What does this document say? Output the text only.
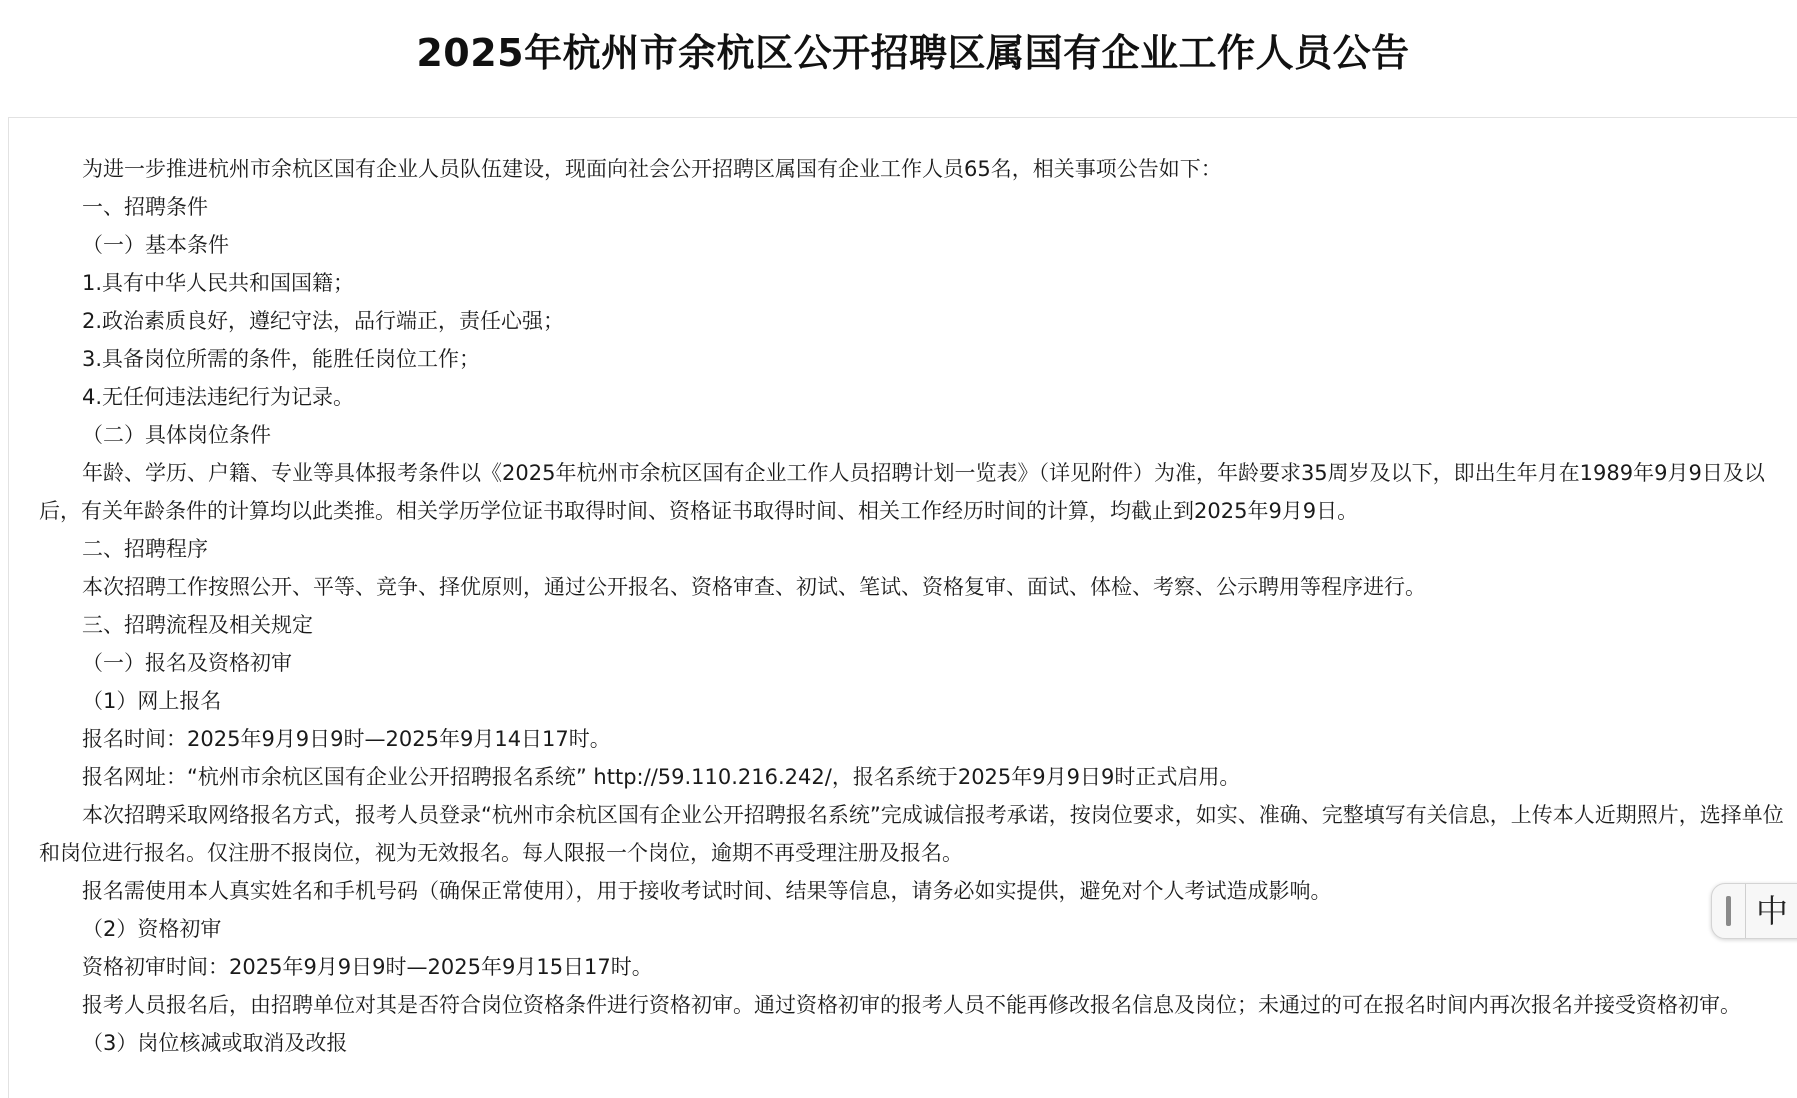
2025年杭州市余杭区公开招聘区属国有企业工作人员公告

为进一步推进杭州市余杭区国有企业人员队伍建设，现面向社会公开招聘区属国有企业工作人员65名，相关事项公告如下：

一、招聘条件

（一）基本条件

1.具有中华人民共和国国籍；

2.政治素质良好，遵纪守法，品行端正，责任心强；

3.具备岗位所需的条件，能胜任岗位工作；

4.无任何违法违纪行为记录。

（二）具体岗位条件

年龄、学历、户籍、专业等具体报考条件以《2025年杭州市余杭区国有企业工作人员招聘计划一览表》（详见附件）为准，年龄要求35周岁及以下，即出生年月在1989年9月9日及以后，有关年龄条件的计算均以此类推。相关学历学位证书取得时间、资格证书取得时间、相关工作经历时间的计算，均截止到2025年9月9日。

二、招聘程序

本次招聘工作按照公开、平等、竞争、择优原则，通过公开报名、资格审查、初试、笔试、资格复审、面试、体检、考察、公示聘用等程序进行。

三、招聘流程及相关规定

（一）报名及资格初审

（1）网上报名

报名时间：2025年9月9日9时—2025年9月14日17时。

报名网址：“杭州市余杭区国有企业公开招聘报名系统” http://59.110.216.242/，报名系统于2025年9月9日9时正式启用。

本次招聘采取网络报名方式，报考人员登录“杭州市余杭区国有企业公开招聘报名系统”完成诚信报考承诺，按岗位要求，如实、准确、完整填写有关信息，上传本人近期照片，选择单位和岗位进行报名。仅注册不报岗位，视为无效报名。每人限报一个岗位，逾期不再受理注册及报名。

报名需使用本人真实姓名和手机号码（确保正常使用），用于接收考试时间、结果等信息，请务必如实提供，避免对个人考试造成影响。

（2）资格初审

资格初审时间：2025年9月9日9时—2025年9月15日17时。

报考人员报名后，由招聘单位对其是否符合岗位资格条件进行资格初审。通过资格初审的报考人员不能再修改报名信息及岗位；未通过的可在报名时间内再次报名并接受资格初审。

（3）岗位核减或取消及改报

中
